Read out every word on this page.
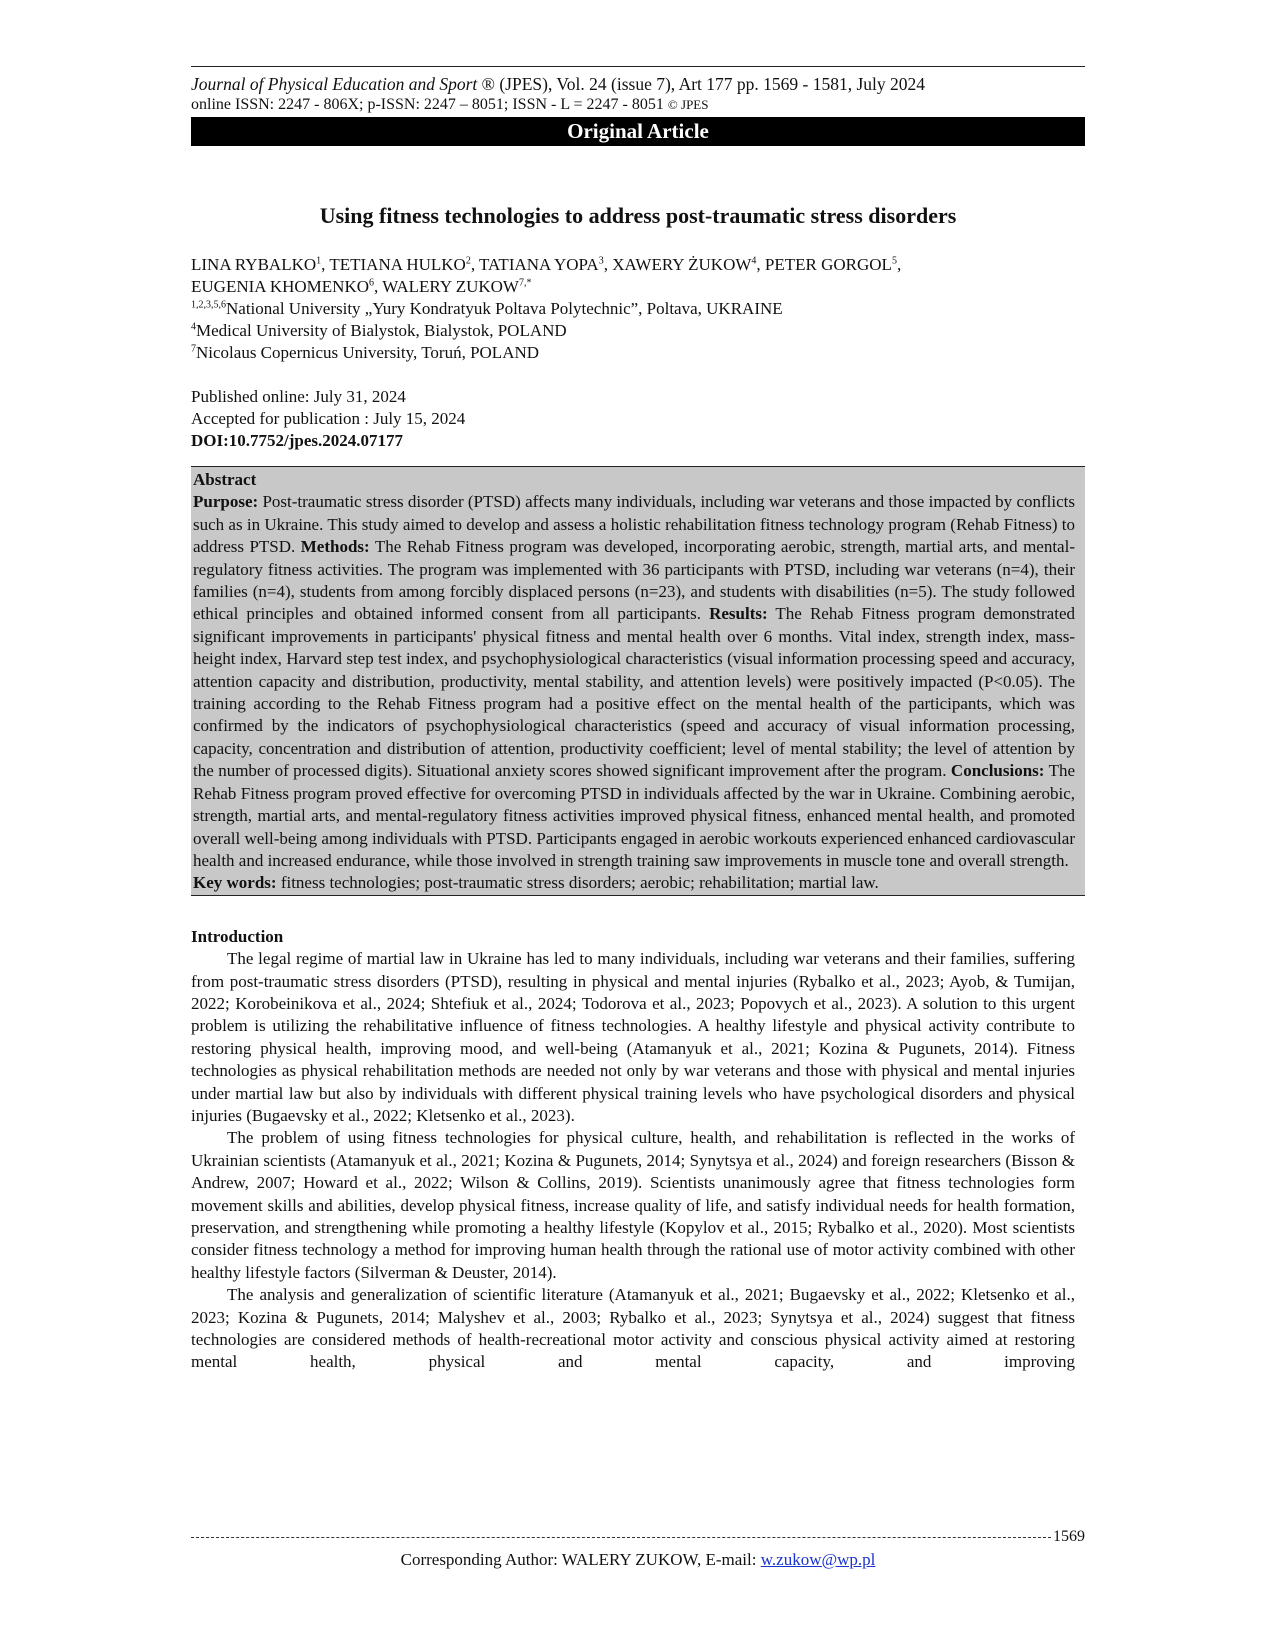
Journal of Physical Education and Sport ® (JPES), Vol. 24 (issue 7), Art 177 pp. 1569 - 1581, July 2024
online ISSN: 2247 - 806X; p-ISSN: 2247 – 8051; ISSN - L = 2247 - 8051 © JPES
Original Article
Using fitness technologies to address post-traumatic stress disorders
LINA RYBALKO$^1$, TETIANA HULKO$^2$, TATIANA YOPA$^3$, XAWERY ŻUKOW$^4$, PETER GORGOL$^5$,
EUGENIA KHOMENKO$^6$, WALERY $ZUKOW^{7,*}$
$^{1,2,3,5,6}$National University „Yury Kondratyuk Poltava Polytechnic”, Poltava, UKRAINE
$^4$Medical University of Bialystok, Bialystok, POLAND
$^7$Nicolaus Copernicus University, Toruń, POLAND
Published online: July 31, 2024
Accepted for publication : July 15, 2024
DOI:10.7752/jpes.2024.07177
Abstract

Purpose: Post-traumatic stress disorder (PTSD) affects many individuals, including war veterans and those impacted by conflicts such as in Ukraine. This study aimed to develop and assess a holistic rehabilitation fitness technology program (Rehab Fitness) to address PTSD. Methods: The Rehab Fitness program was developed, incorporating aerobic, strength, martial arts, and mental-regulatory fitness activities. The program was implemented with 36 participants with PTSD, including war veterans (n=4), their families (n=4), students from among forcibly displaced persons (n=23), and students with disabilities (n=5). The study followed ethical principles and obtained informed consent from all participants. Results: The Rehab Fitness program demonstrated significant improvements in participants' physical fitness and mental health over 6 months. Vital index, strength index, mass-height index, Harvard step test index, and psychophysiological characteristics (visual information processing speed and accuracy, attention capacity and distribution, productivity, mental stability, and attention levels) were positively impacted (P<0.05). The training according to the Rehab Fitness program had a positive effect on the mental health of the participants, which was confirmed by the indicators of psychophysiological characteristics (speed and accuracy of visual information processing, capacity, concentration and distribution of attention, productivity coefficient; level of mental stability; the level of attention by the number of processed digits). Situational anxiety scores showed significant improvement after the program. Conclusions: The Rehab Fitness program proved effective for overcoming PTSD in individuals affected by the war in Ukraine. Combining aerobic, strength, martial arts, and mental-regulatory fitness activities improved physical fitness, enhanced mental health, and promoted overall well-being among individuals with PTSD. Participants engaged in aerobic workouts experienced enhanced cardiovascular health and increased endurance, while those involved in strength training saw improvements in muscle tone and overall strength.

Key words: fitness technologies; post-traumatic stress disorders; aerobic; rehabilitation; martial law.

Introduction

The legal regime of martial law in Ukraine has led to many individuals, including war veterans and their families, suffering from post-traumatic stress disorders (PTSD), resulting in physical and mental injuries (Rybalko et al., 2023; Ayob, & Tumijan, 2022; Korobeinikova et al., 2024; Shtefiuk et al., 2024; Todorova et al., 2023; Popovych et al., 2023). A solution to this urgent problem is utilizing the rehabilitative influence of fitness technologies. A healthy lifestyle and physical activity contribute to restoring physical health, improving mood, and well-being (Atamanyuk et al., 2021; Kozina & Pugunets, 2014). Fitness technologies as physical rehabilitation methods are needed not only by war veterans and those with physical and mental injuries under martial law but also by individuals with different physical training levels who have psychological disorders and physical injuries (Bugaevsky et al., 2022; Kletsenko et al., 2023).

The problem of using fitness technologies for physical culture, health, and rehabilitation is reflected in the works of Ukrainian scientists (Atamanyuk et al., 2021; Kozina & Pugunets, 2014; Synytsya et al., 2024) and foreign researchers (Bisson & Andrew, 2007; Howard et al., 2022; Wilson & Collins, 2019). Scientists unanimously agree that fitness technologies form movement skills and abilities, develop physical fitness, increase quality of life, and satisfy individual needs for health formation, preservation, and strengthening while promoting a healthy lifestyle (Kopylov et al., 2015; Rybalko et al., 2020). Most scientists consider fitness technology a method for improving human health through the rational use of motor activity combined with other healthy lifestyle factors (Silverman & Deuster, 2014).

The analysis and generalization of scientific literature (Atamanyuk et al., 2021; Bugaevsky et al., 2022; Kletsenko et al., 2023; Kozina & Pugunets, 2014; Malyshev et al., 2003; Rybalko et al., 2023; Synytsya et al., 2024) suggest that fitness technologies are considered methods of health-recreational motor activity and conscious physical activity aimed at restoring mental health, physical and mental capacity, and improving

1569
Corresponding Author: WALERY ZUKOW, E-mail: w.zukow@wp.pl
